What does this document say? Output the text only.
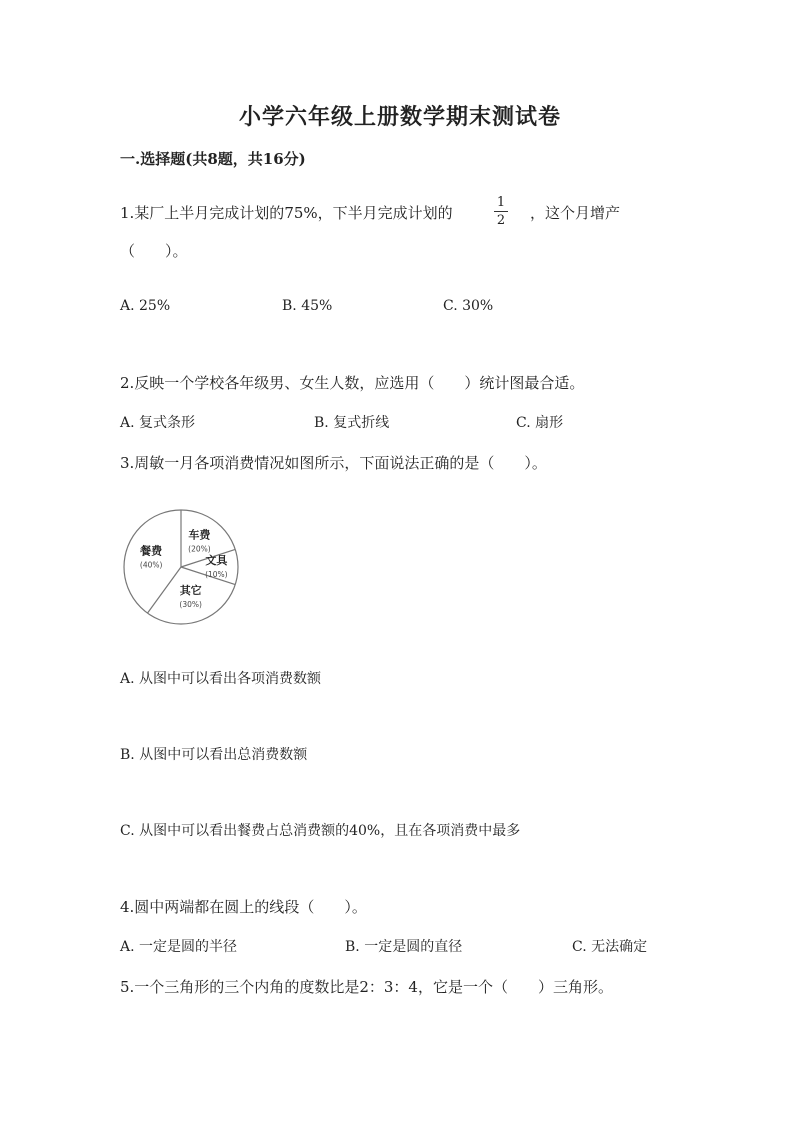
小学六年级上册数学期末测试卷
一.选择题(共8题，共16分)
1.某厂上半月完成计划的75%，下半月完成计划的
1
2 ，这个月增产
（　　）。
A. 25%	B. 45%	C. 30%
2.反映一个学校各年级男、女生人数，应选用（　　）统计图最合适。
A. 复式条形	B. 复式折线	C. 扇形
3.周敏一月各项消费情况如图所示，下面说法正确的是（　　）。
车费
(20%)
文具
(10%)
其它
(30%)
餐费
(40%)
A. 从图中可以看出各项消费数额
B. 从图中可以看出总消费数额
C. 从图中可以看出餐费占总消费额的40%，且在各项消费中最多
4.圆中两端都在圆上的线段（　　）。
A. 一定是圆的半径	B. 一定是圆的直径	C. 无法确定
5.一个三角形的三个内角的度数比是2：3：4，它是一个（　　）三角形。
